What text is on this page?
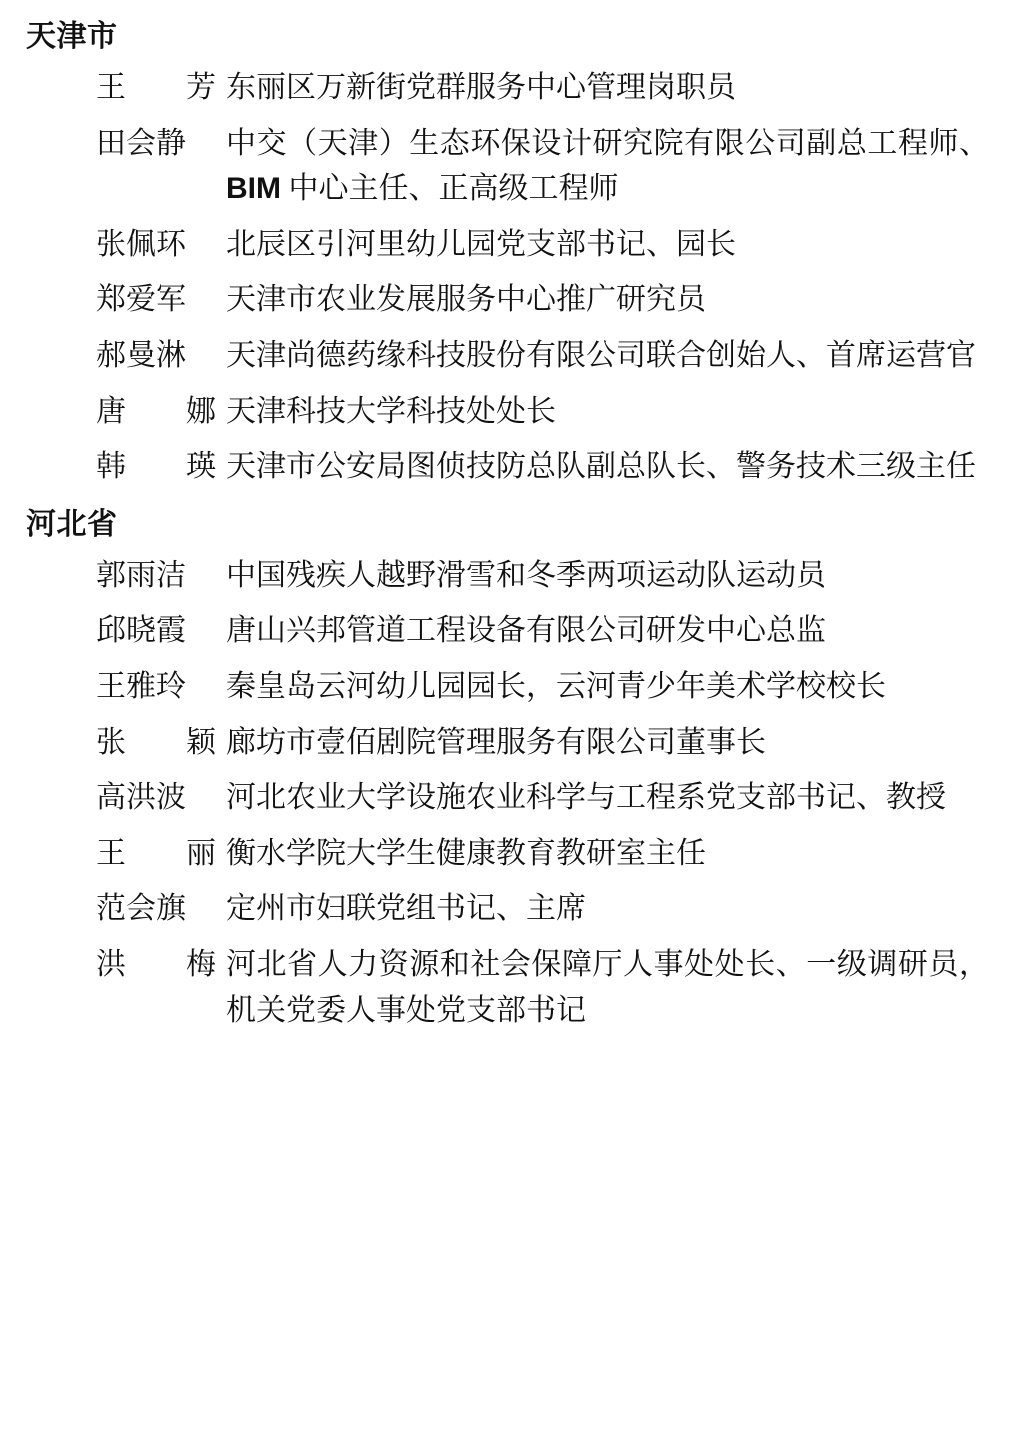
天津市
王　　芳 东丽区万新街党群服务中心管理岗职员
田会静	中交（天津）生态环保设计研究院有限公司副总工程师、BIM 中心主任、正高级工程师
张佩环	北辰区引河里幼儿园党支部书记、园长
郑爱军	天津市农业发展服务中心推广研究员
郝曼淋	天津尚德药缘科技股份有限公司联合创始人、首席运营官
唐　　娜 天津科技大学科技处处长
韩　　瑛 天津市公安局图侦技防总队副总队长、警务技术三级主任
河北省
郭雨洁	中国残疾人越野滑雪和冬季两项运动队运动员
邱晓霞	唐山兴邦管道工程设备有限公司研发中心总监
王雅玲	秦皇岛云河幼儿园园长，云河青少年美术学校校长
张　　颖 廊坊市壹佰剧院管理服务有限公司董事长
高洪波	河北农业大学设施农业科学与工程系党支部书记、教授
王　　丽 衡水学院大学生健康教育教研室主任
范会旗	定州市妇联党组书记、主席
洪　　梅 河北省人力资源和社会保障厅人事处处长、一级调研员，机关党委人事处党支部书记
